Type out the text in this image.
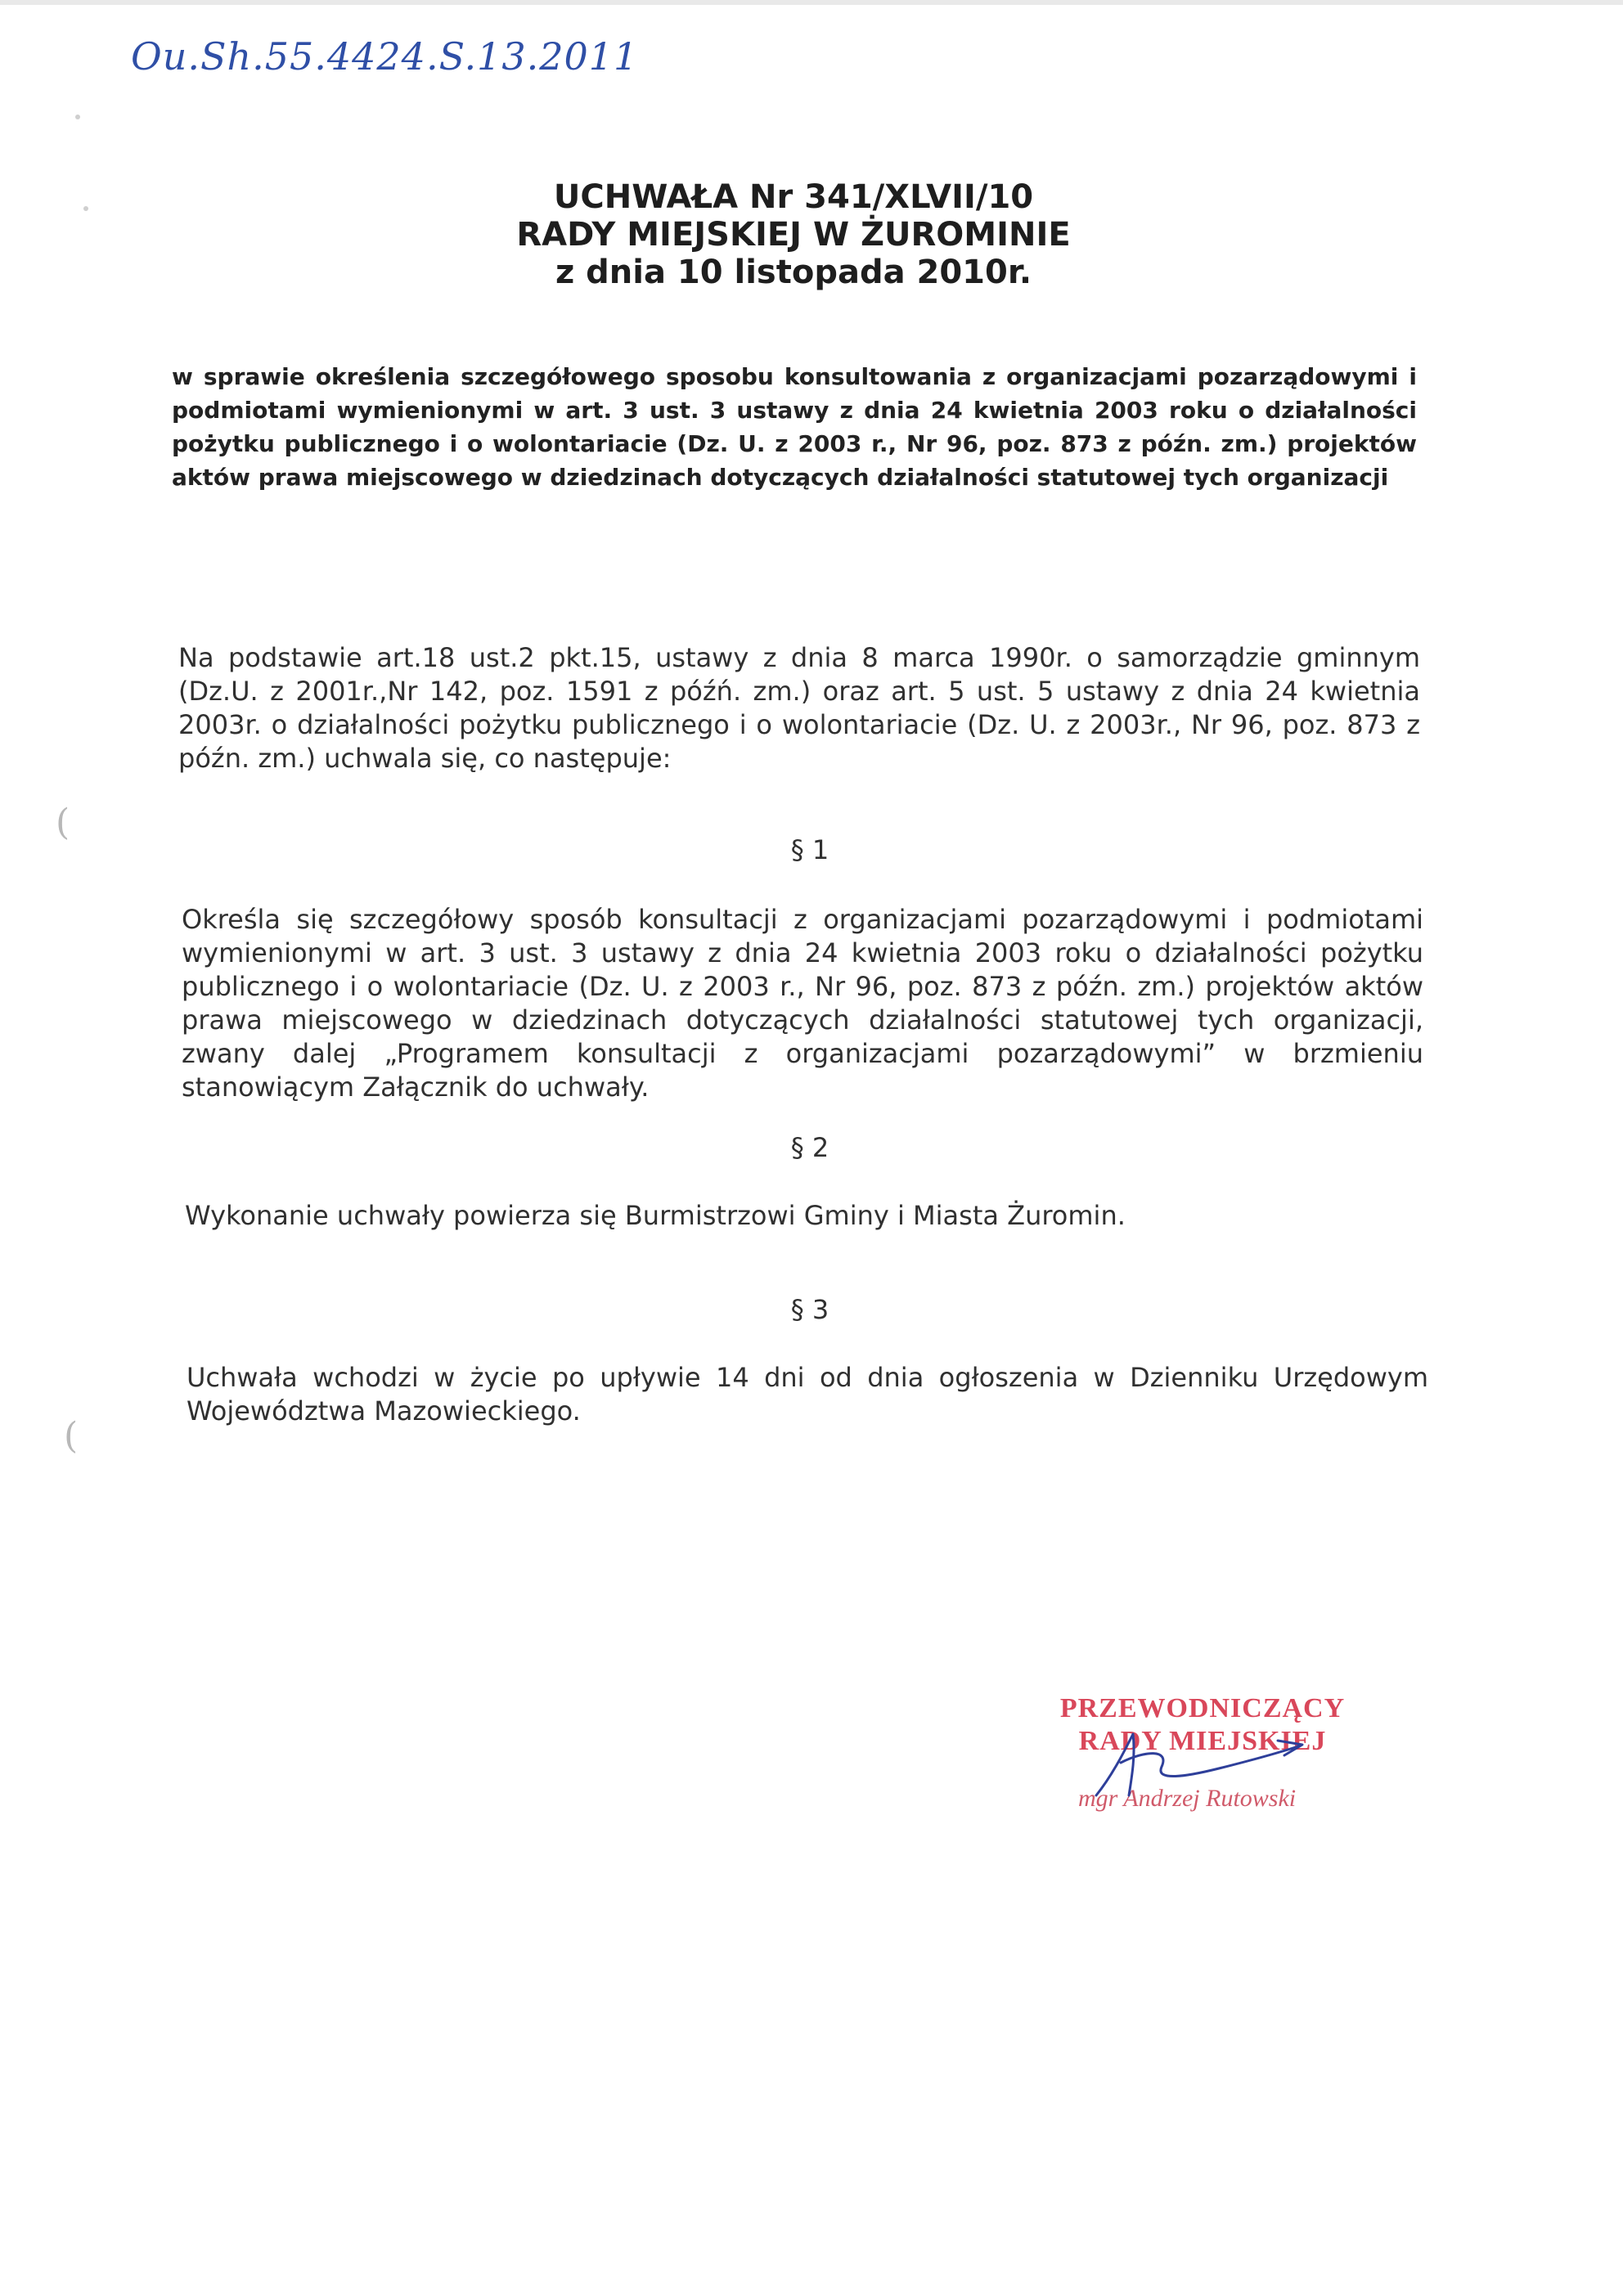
Ou.Sh.55.4424.S.13.2011
UCHWAŁA Nr 341/XLVII/10
RADY MIEJSKIEJ W ŻUROMINIE
z dnia 10 listopada 2010r.
w sprawie określenia szczegółowego sposobu konsultowania z organizacjami pozarządowymi i podmiotami wymienionymi w art. 3 ust. 3 ustawy z dnia 24 kwietnia 2003 roku o działalności pożytku publicznego i o wolontariacie (Dz. U. z 2003 r., Nr 96, poz. 873 z późn. zm.) projektów aktów prawa miejscowego w dziedzinach dotyczących działalności statutowej tych organizacji
Na podstawie art.18 ust.2 pkt.15, ustawy z dnia 8 marca 1990r. o samorządzie gminnym (Dz.U. z 2001r.,Nr 142, poz. 1591 z późń. zm.) oraz art. 5 ust. 5 ustawy z dnia 24 kwietnia 2003r. o działalności pożytku publicznego i o wolontariacie (Dz. U. z 2003r., Nr 96, poz. 873 z późn. zm.) uchwala się, co następuje:
§ 1
Określa się szczegółowy sposób konsultacji z organizacjami pozarządowymi i podmiotami wymienionymi w art. 3 ust. 3 ustawy z dnia 24 kwietnia 2003 roku o działalności pożytku publicznego i o wolontariacie (Dz. U. z 2003 r., Nr 96, poz. 873 z późn. zm.) projektów aktów prawa miejscowego w dziedzinach dotyczących działalności statutowej tych organizacji, zwany dalej „Programem konsultacji z organizacjami pozarządowymi” w brzmieniu stanowiącym Załącznik do uchwały.
§ 2
Wykonanie uchwały powierza się Burmistrzowi Gminy i Miasta Żuromin.
§ 3
Uchwała wchodzi w życie po upływie 14 dni od dnia ogłoszenia w Dzienniku Urzędowym Województwa Mazowieckiego.
(
(
PRZEWODNICZĄCY
RADY MIEJSKIEJ
mgr Andrzej Rutowski
